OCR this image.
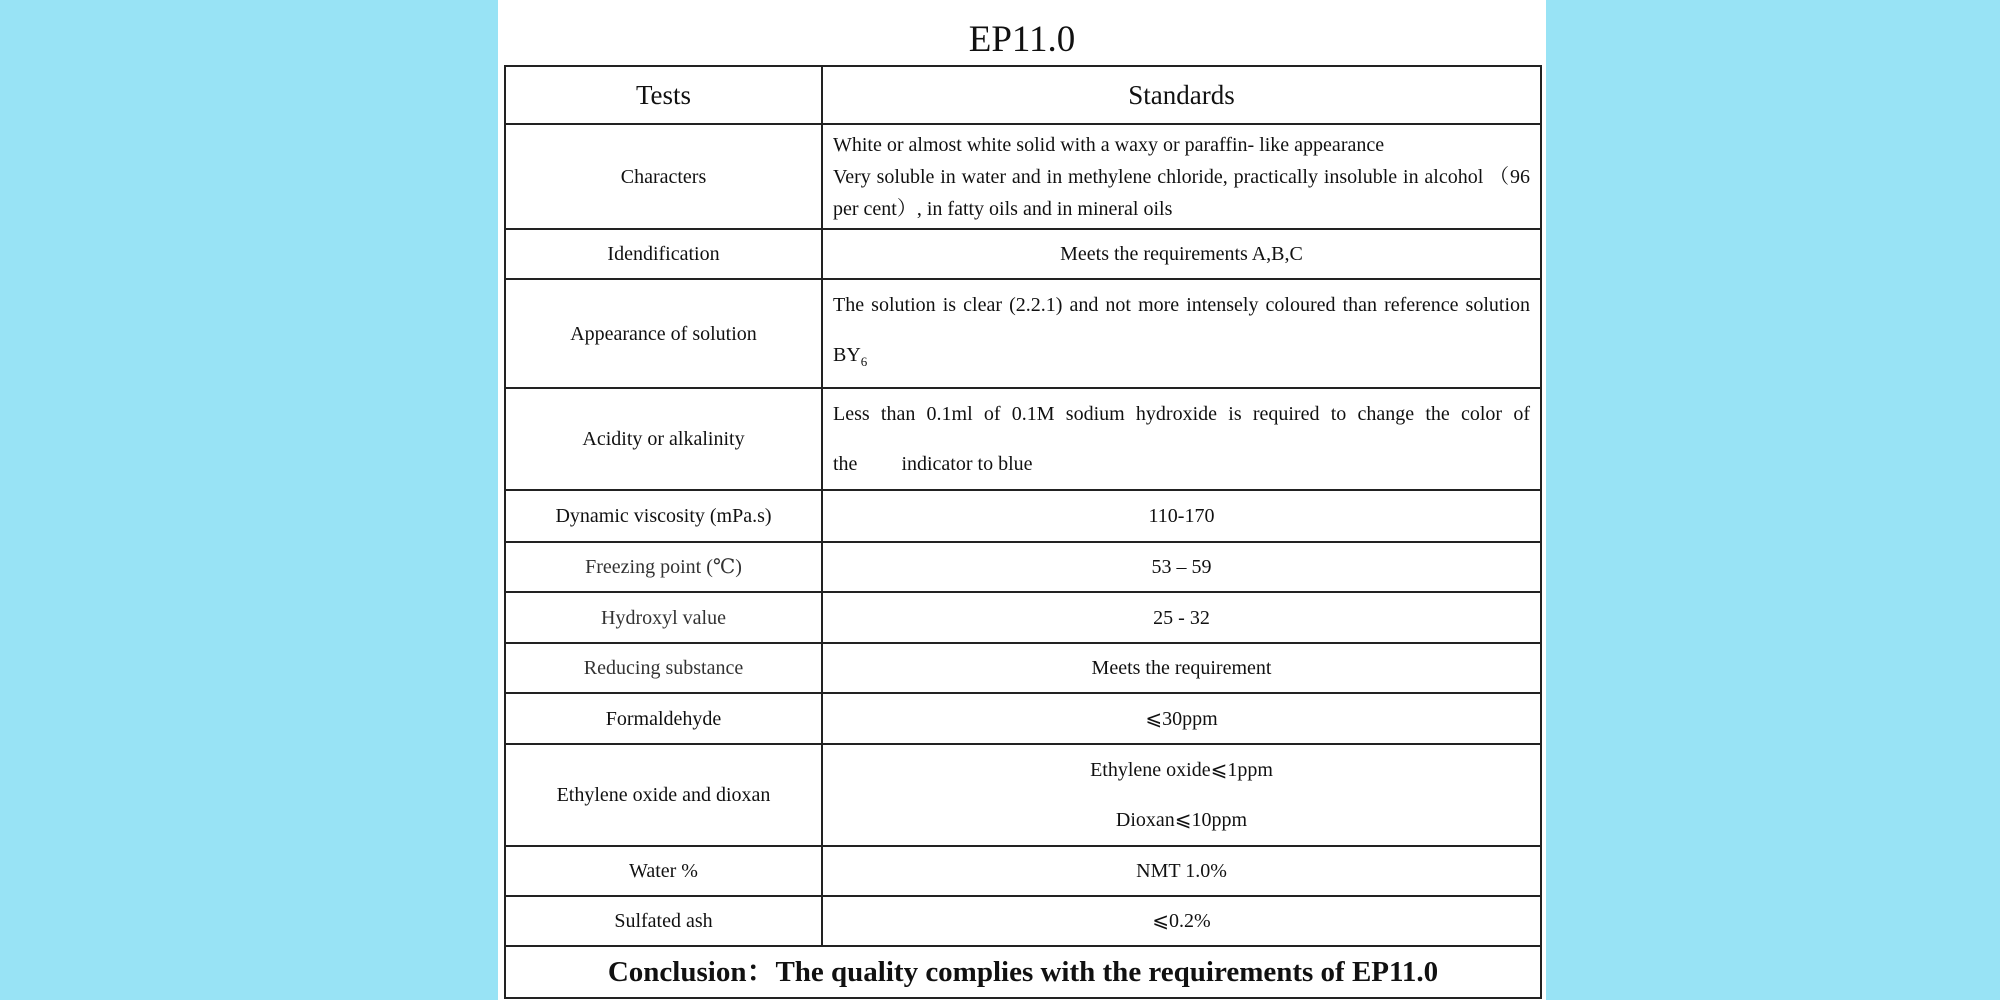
EP11.0
Tests	Standards
Characters	White or almost white solid with a waxy or paraffin- like appearance
Very soluble in water and in methylene chloride, practically insoluble in alcohol （96 per cent）, in fatty oils and in mineral oils
Idendification	Meets the requirements A,B,C
Appearance of solution	The solution is clear (2.2.1) and not more intensely coloured than reference solution $BY_6$
Acidity or alkalinity	Less than 0.1ml of 0.1M sodium hydroxide is required to change the color of
the indicator to blue

Dynamic viscosity (mPa.s)	110-170
Freezing point (℃)	53 – 59
Hydroxyl value	25 - 32
Reducing substance	Meets the requirement
Formaldehyde	⩽30ppm
Ethylene oxide and dioxan	Ethylene oxide⩽1ppm
Dioxan⩽10ppm

Water %	NMT 1.0%
Sulfated ash	⩽0.2%
Conclusion：The quality complies with the requirements of EP11.0	
